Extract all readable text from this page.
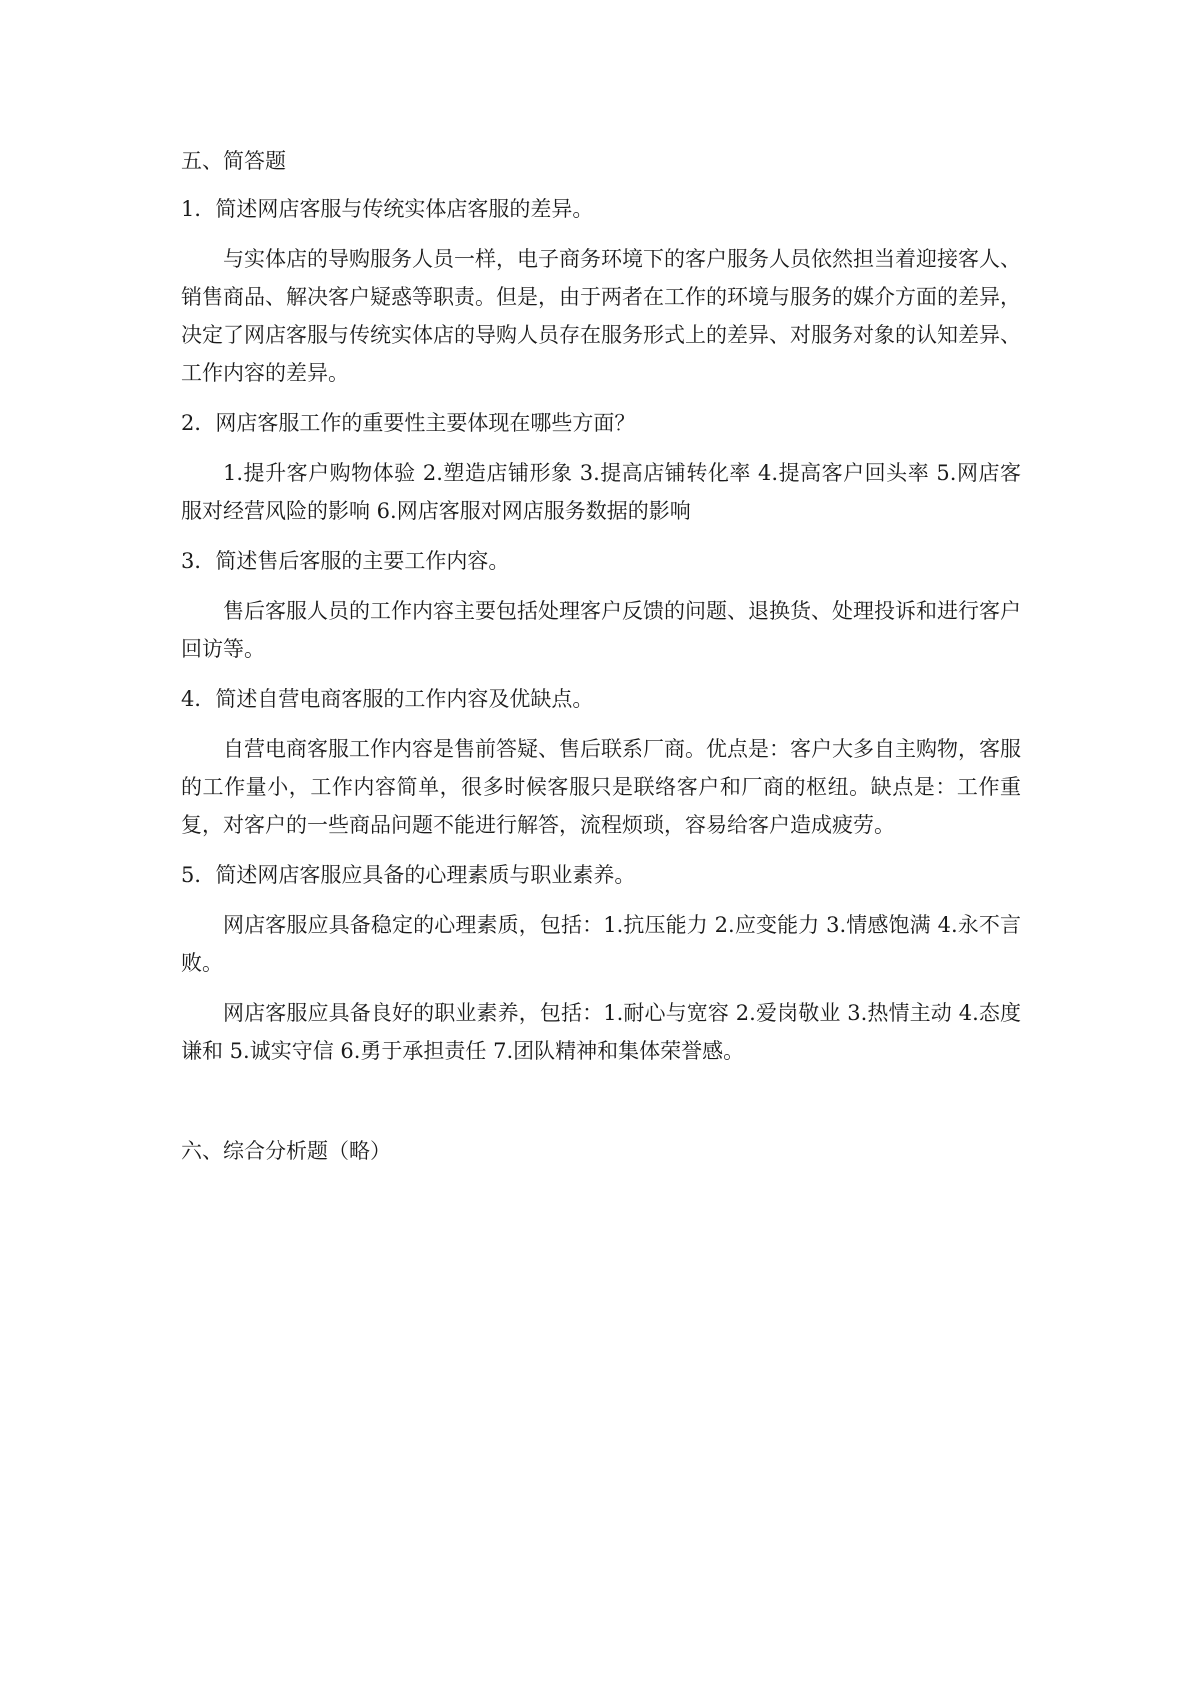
五、简答题

1．简述网店客服与传统实体店客服的差异。

与实体店的导购服务人员一样，电子商务环境下的客户服务人员依然担当着迎接客人、销售商品、解决客户疑惑等职责。但是，由于两者在工作的环境与服务的媒介方面的差异，决定了网店客服与传统实体店的导购人员存在服务形式上的差异、对服务对象的认知差异、工作内容的差异。

2．网店客服工作的重要性主要体现在哪些方面？

1.提升客户购物体验 2.塑造店铺形象 3.提高店铺转化率 4.提高客户回头率 5.网店客服对经营风险的影响 6.网店客服对网店服务数据的影响

3．简述售后客服的主要工作内容。

售后客服人员的工作内容主要包括处理客户反馈的问题、退换货、处理投诉和进行客户回访等。

4．简述自营电商客服的工作内容及优缺点。

自营电商客服工作内容是售前答疑、售后联系厂商。优点是：客户大多自主购物，客服的工作量小，工作内容简单，很多时候客服只是联络客户和厂商的枢纽。缺点是：工作重复，对客户的一些商品问题不能进行解答，流程烦琐，容易给客户造成疲劳。

5．简述网店客服应具备的心理素质与职业素养。

网店客服应具备稳定的心理素质，包括：1.抗压能力 2.应变能力 3.情感饱满 4.永不言败。

网店客服应具备良好的职业素养，包括：1.耐心与宽容 2.爱岗敬业 3.热情主动 4.态度谦和 5.诚实守信 6.勇于承担责任 7.团队精神和集体荣誉感。

六、综合分析题（略）
